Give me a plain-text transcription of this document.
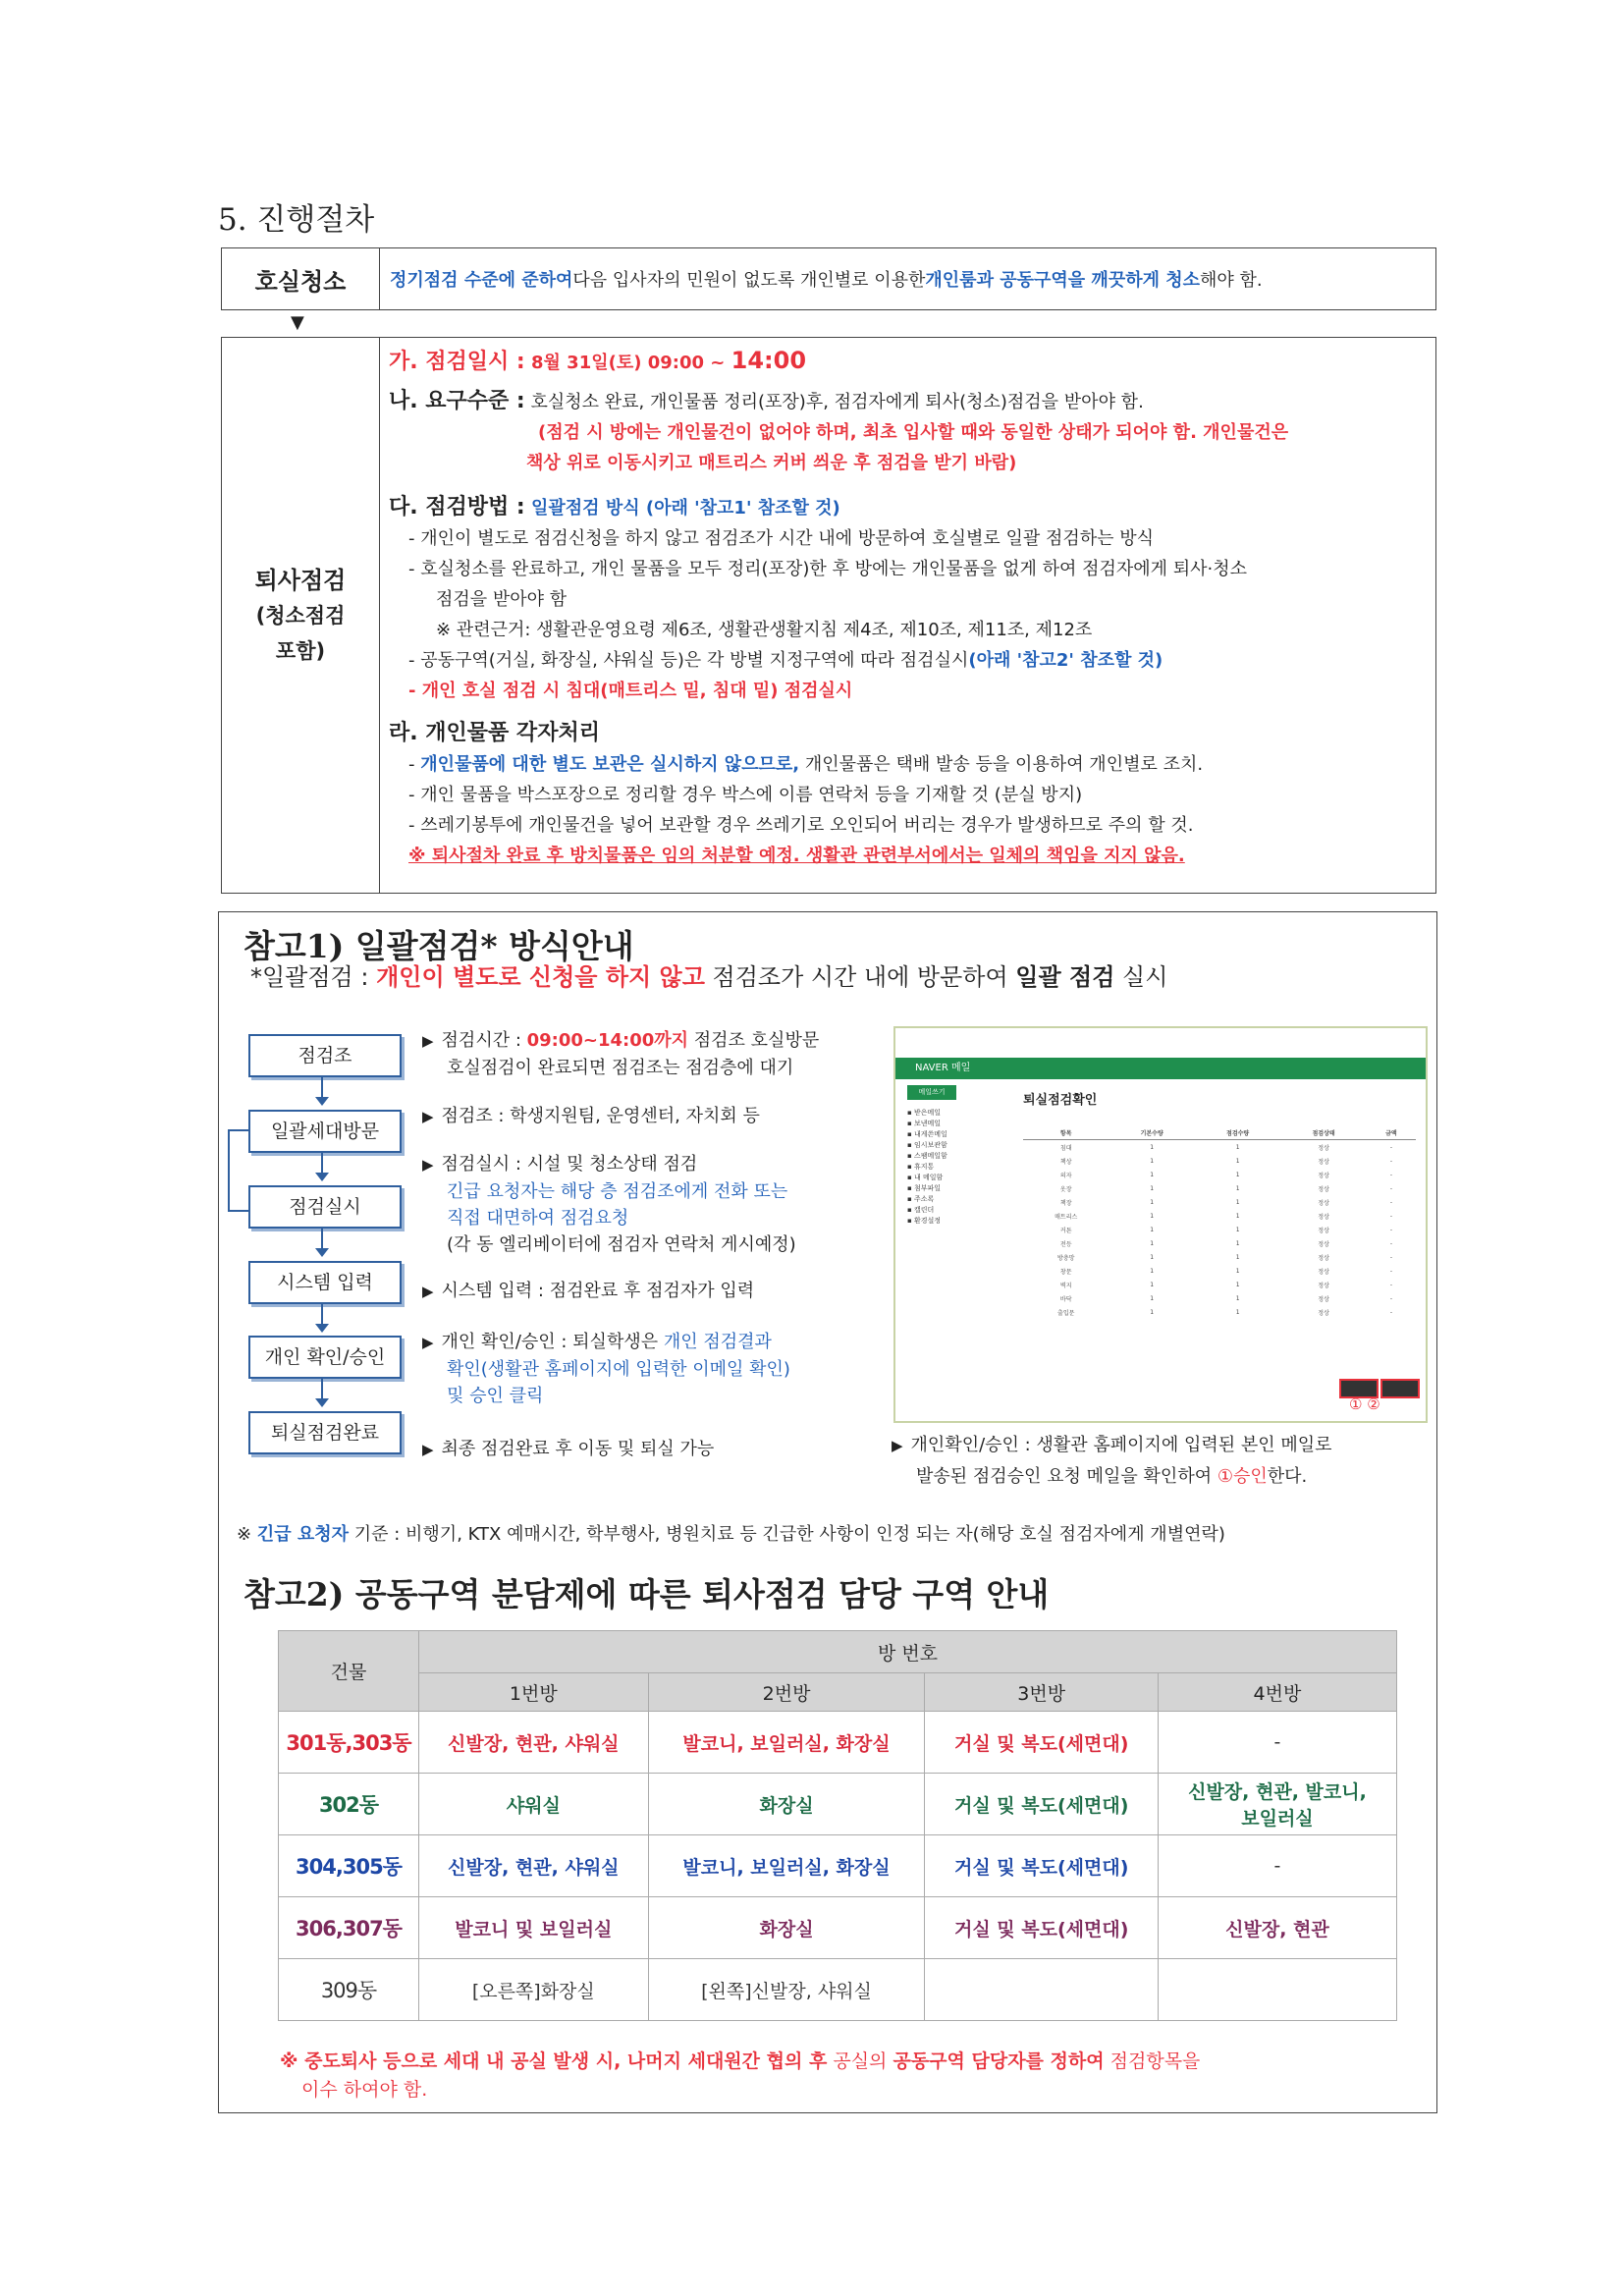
5. 진행절차
호실청소	정기점검 수준에 준하여 다음 입사자의 민원이 없도록 개인별로 이용한 개인룸과 공동구역을 깨끗하게 청소 해야 함.
▼
퇴사점검
(청소점검
포함)
가. 점검일시 : 8월 31일(토) 09:00 ~ 14:00
나. 요구수준 : 호실청소 완료, 개인물품 정리(포장)후, 점검자에게 퇴사(청소)점검을 받아야 함.
(점검 시 방에는 개인물건이 없어야 하며, 최초 입사할 때와 동일한 상태가 되어야 함. 개인물건은
책상 위로 이동시키고 매트리스 커버 씌운 후 점검을 받기 바람)
다. 점검방법 : 일괄점검 방식 (아래 '참고1' 참조할 것)
- 개인이 별도로 점검신청을 하지 않고 점검조가 시간 내에 방문하여 호실별로 일괄 점검하는 방식
- 호실청소를 완료하고, 개인 물품을 모두 정리(포장)한 후 방에는 개인물품을 없게 하여 점검자에게 퇴사·청소
점검을 받아야 함
※ 관련근거: 생활관운영요령 제6조, 생활관생활지침 제4조, 제10조, 제11조, 제12조
- 공동구역(거실, 화장실, 샤워실 등)은 각 방별 지정구역에 따라 점검실시(아래 '참고2' 참조할 것)
- 개인 호실 점검 시 침대(매트리스 밑, 침대 밑) 점검실시
라. 개인물품 각자처리
- 개인물품에 대한 별도 보관은 실시하지 않으므로, 개인물품은 택배 발송 등을 이용하여 개인별로 조치.
- 개인 물품을 박스포장으로 정리할 경우 박스에 이름 연락처 등을 기재할 것 (분실 방지)
- 쓰레기봉투에 개인물건을 넣어 보관할 경우 쓰레기로 오인되어 버리는 경우가 발생하므로 주의 할 것.
※ 퇴사절차 완료 후 방치물품은 임의 처분할 예정. 생활관 관련부서에서는 일체의 책임을 지지 않음.
참고1) 일괄점검* 방식안내
*일괄점검 : 개인이 별도로 신청을 하지 않고 점검조가 시간 내에 방문하여 일괄 점검 실시
점검조
일괄세대방문
점검실시
시스템 입력
개인 확인/승인
퇴실점검완료
▶ 점검시간 : 09:00~14:00까지 점검조 호실방문
호실점검이 완료되면 점검조는 점검층에 대기
▶ 점검조 : 학생지원팀, 운영센터, 자치회 등
▶ 점검실시 : 시설 및 청소상태 점검
긴급 요청자는 해당 층 점검조에게 전화 또는
직접 대면하여 점검요청
(각 동 엘리베이터에 점검자 연락처 게시예정)
▶ 시스템 입력 : 점검완료 후 점검자가 입력
▶ 개인 확인/승인 : 퇴실학생은 개인 점검결과
확인(생활관 홈페이지에 입력한 이메일 확인)
및 승인 클릭
▶ 최종 점검완료 후 이동 및 퇴실 가능
NAVER 메일
메일쓰기
▪ 받은메일
▪ 보낸메일
▪ 내게쓴메일
▪ 임시보관함
▪ 스팸메일함
▪ 휴지통
▪ 내 메일함
▪ 첨부파일
▪ 주소록
▪ 캘린더
▪ 환경설정
퇴실점검확인
항목	기본수량	점검수량	점검상태	금액
침대	1	1	정상	-
책상	1	1	정상	-
의자	1	1	정상	-
옷장	1	1	정상	-
책장	1	1	정상	-
매트리스	1	1	정상	-
커튼	1	1	정상	-
전등	1	1	정상	-
방충망	1	1	정상	-
창문	1	1	정상	-
벽지	1	1	정상	-
바닥	1	1	정상	-
출입문	1	1	정상	-
① ②
▶ 개인확인/승인 : 생활관 홈페이지에 입력된 본인 메일로
발송된 점검승인 요청 메일을 확인하여 ①승인한다.
※ 긴급 요청자 기준 : 비행기, KTX 예매시간, 학부행사, 병원치료 등 긴급한 사항이 인정 되는 자(해당 호실 점검자에게 개별연락)
참고2) 공동구역 분담제에 따른 퇴사점검 담당 구역 안내
건물	방 번호			
	1번방	2번방	3번방	4번방
301동,303동	신발장, 현관, 샤워실	발코니, 보일러실, 화장실	거실 및 복도(세면대)	-
302동	샤워실	화장실	거실 및 복도(세면대)	신발장, 현관, 발코니,
보일러실

304,305동	신발장, 현관, 샤워실	발코니, 보일러실, 화장실	거실 및 복도(세면대)	-
306,307동	발코니 및 보일러실	화장실	거실 및 복도(세면대)	신발장, 현관
309동	[오른쪽]화장실	[왼쪽]신발장, 샤워실		
※ 중도퇴사 등으로 세대 내 공실 발생 시, 나머지 세대원간 협의 후 공실의 공동구역 담당자를 정하여 점검항목을
이수 하여야 함.
